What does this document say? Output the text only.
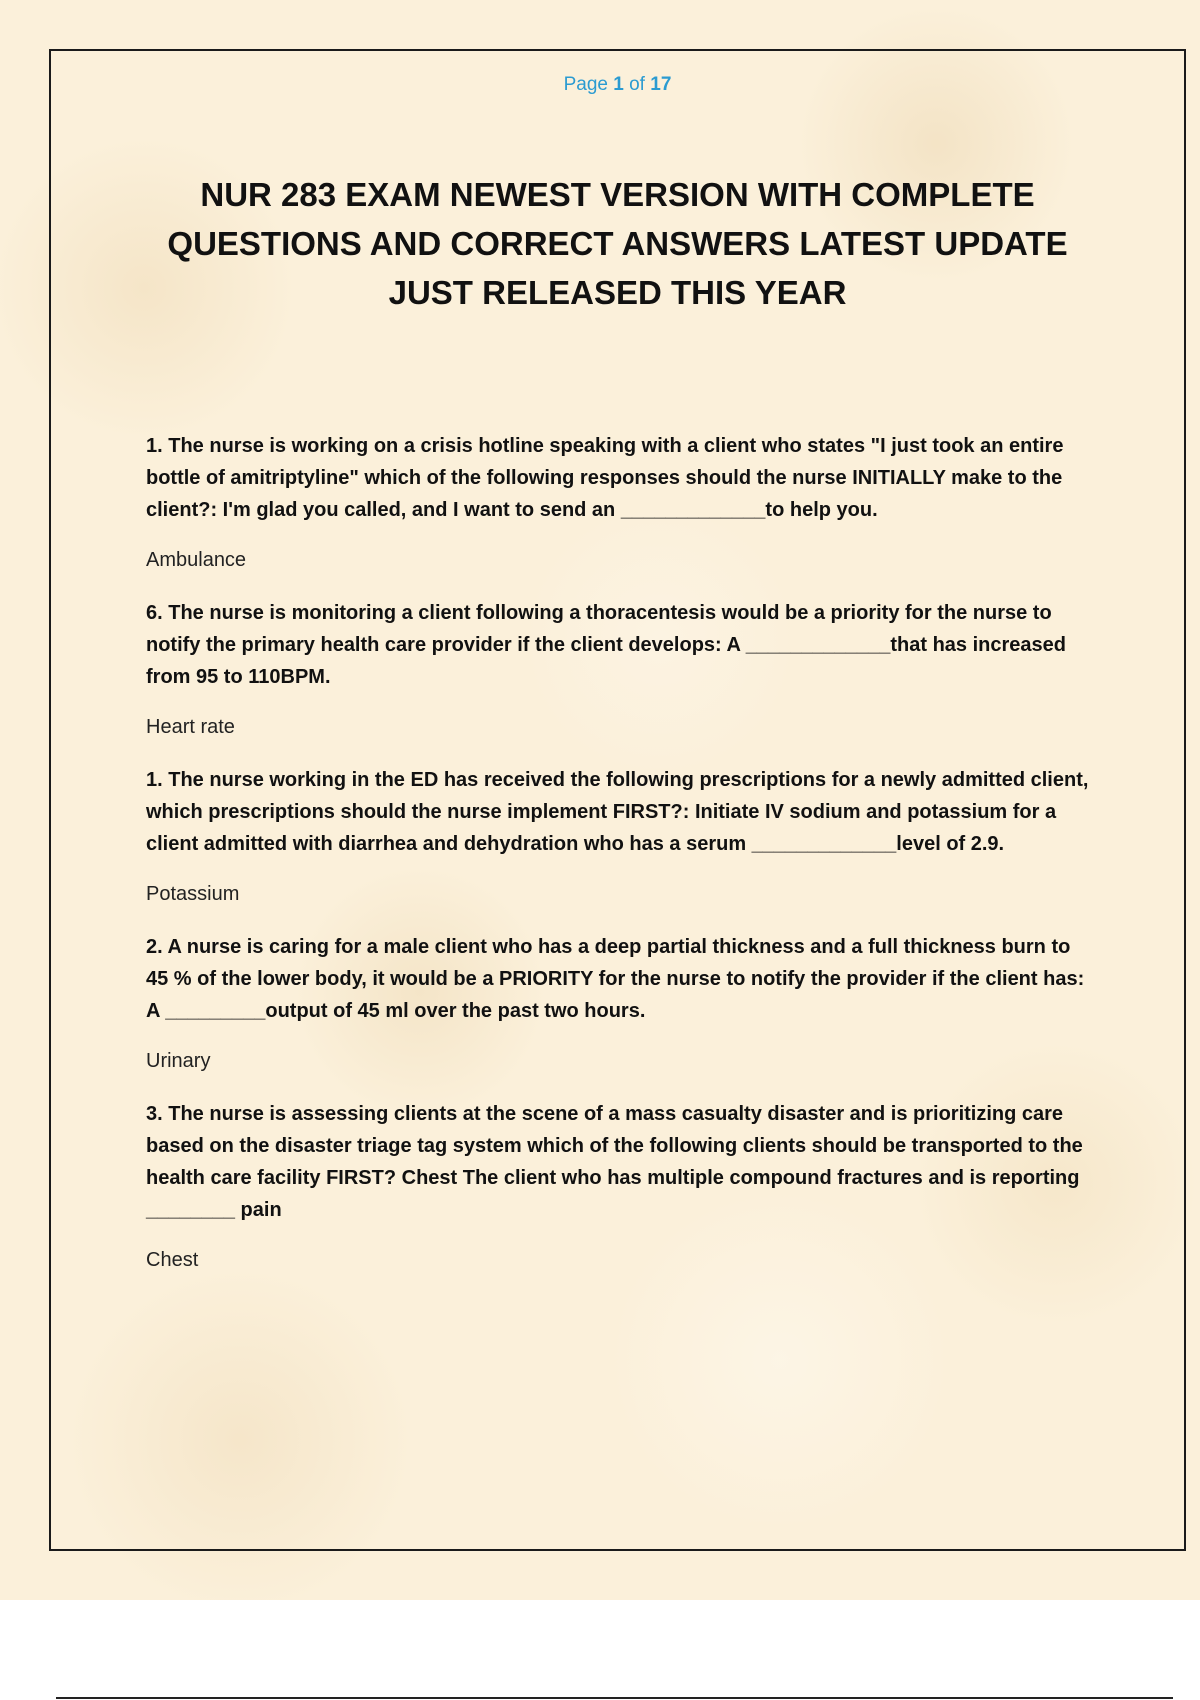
Page 1 of 17
NUR 283 EXAM NEWEST VERSION WITH COMPLETE
QUESTIONS AND CORRECT ANSWERS LATEST UPDATE
JUST RELEASED THIS YEAR

1. The nurse is working on a crisis hotline speaking with a client who states "I just took an entire bottle of amitriptyline" which of the following responses should the nurse INITIALLY make to the client?: I'm glad you called, and I want to send an _____________to help you.

Ambulance

6. The nurse is monitoring a client following a thoracentesis would be a priority for the nurse to notify the primary health care provider if the client develops: A _____________that has increased from 95 to 110BPM.

Heart rate

1. The nurse working in the ED has received the following prescriptions for a newly admitted client, which prescriptions should the nurse implement FIRST?: Initiate IV sodium and potassium for a client admitted with diarrhea and dehydration who has a serum _____________level of 2.9.

Potassium

2. A nurse is caring for a male client who has a deep partial thickness and a full thickness burn to 45 % of the lower body, it would be a PRIORITY for the nurse to notify the provider if the client has: A _________output of 45 ml over the past two hours.

Urinary

3. The nurse is assessing clients at the scene of a mass casualty disaster and is prioritizing care based on the disaster triage tag system which of the following clients should be transported to the health care facility FIRST? Chest The client who has multiple compound fractures and is reporting ________ pain

Chest
